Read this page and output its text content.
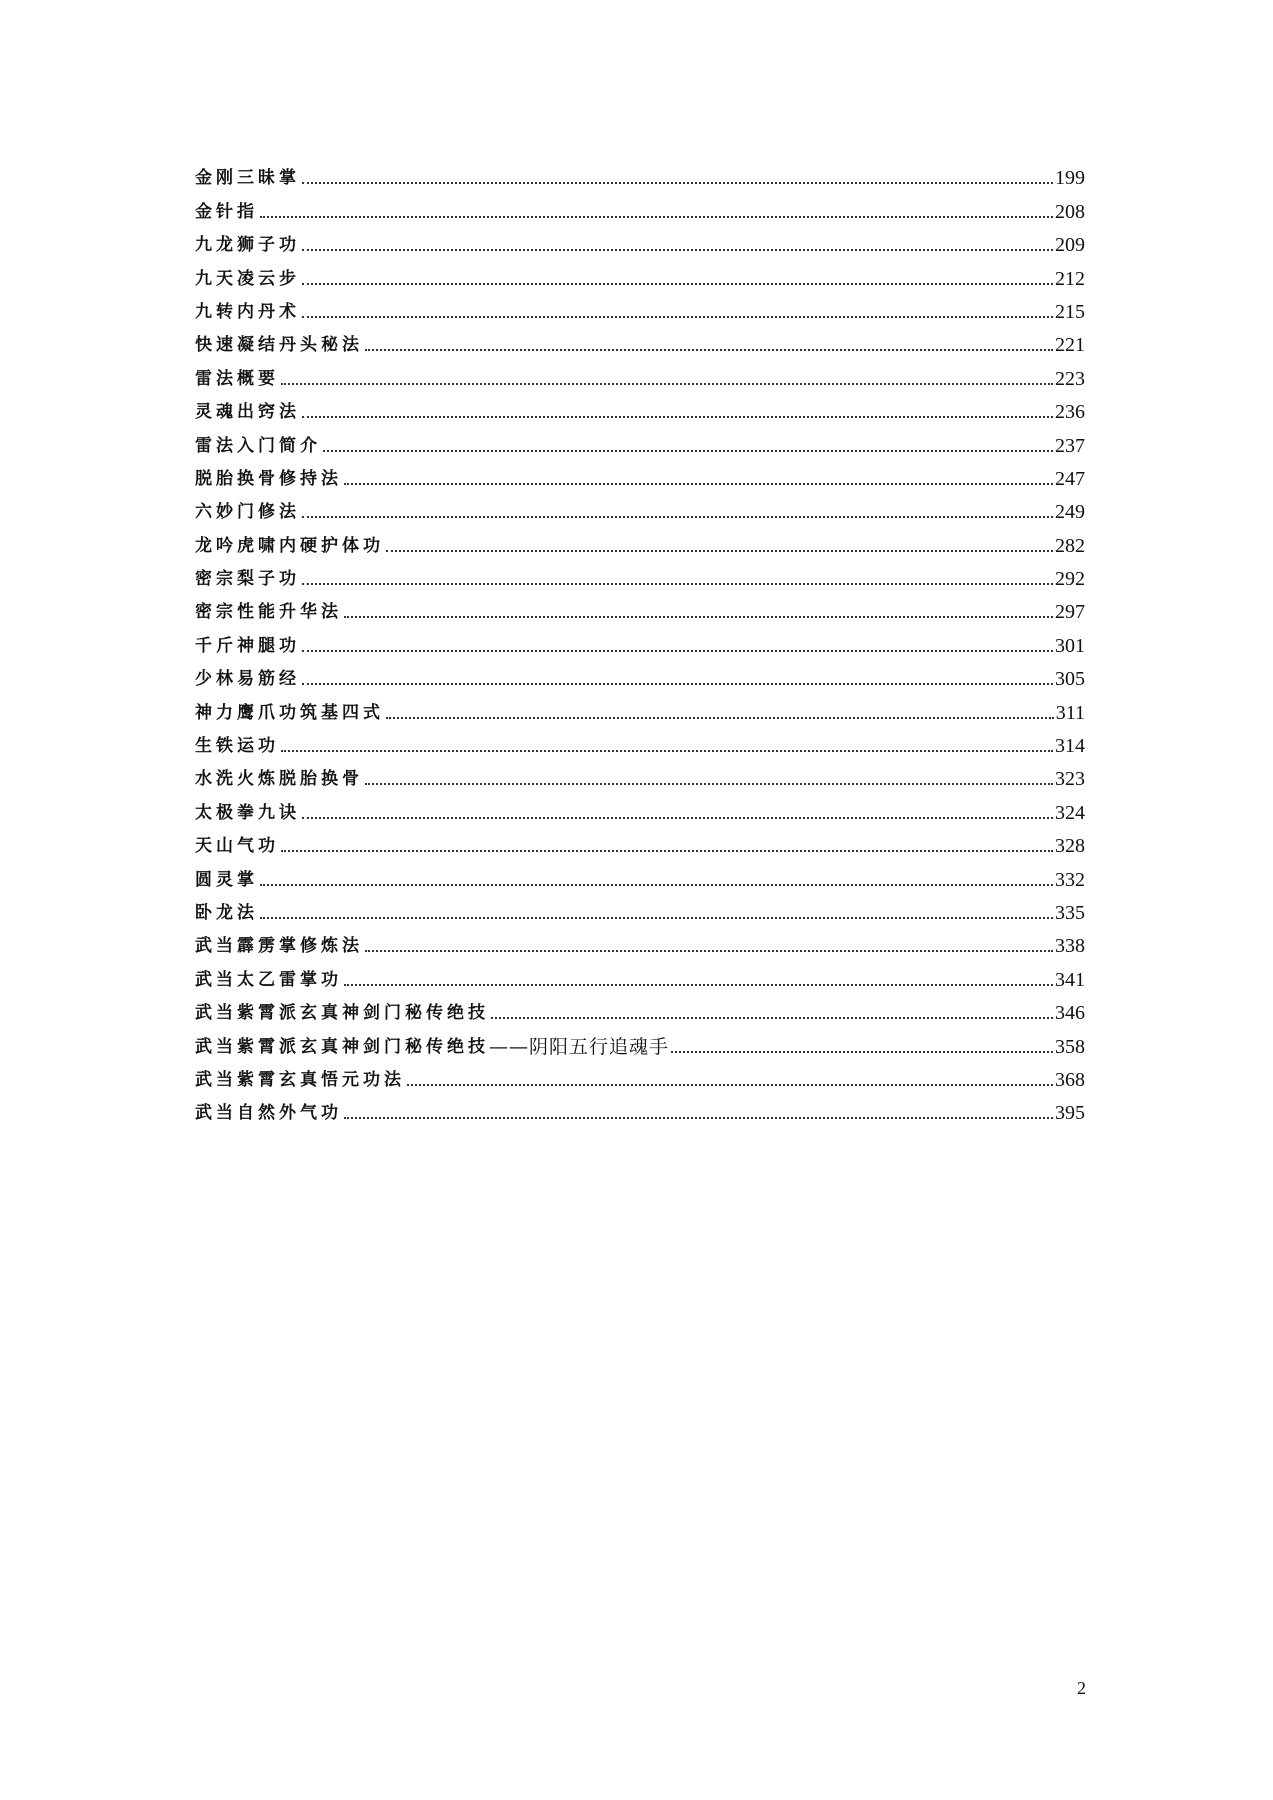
金刚三昧掌	199
金针指	208
九龙狮子功	209
九天凌云步	212
九转内丹术	215
快速凝结丹头秘法	221
雷法概要	223
灵魂出窍法	236
雷法入门简介	237
脱胎换骨修持法	247
六妙门修法	249
龙吟虎啸内硬护体功	282
密宗梨子功	292
密宗性能升华法	297
千斤神腿功	301
少林易筋经	305
神力鹰爪功筑基四式	311
生铁运功	314
水洗火炼脱胎换骨	323
太极拳九诀	324
天山气功	328
圆灵掌	332
卧龙法	335
武当霹雳掌修炼法	338
武当太乙雷掌功	341
武当紫霄派玄真神剑门秘传绝技	346
武当紫霄派玄真神剑门秘传绝技 ——阴阳五行追魂手	358
武当紫霄玄真悟元功法	368
武当自然外气功	395
2
